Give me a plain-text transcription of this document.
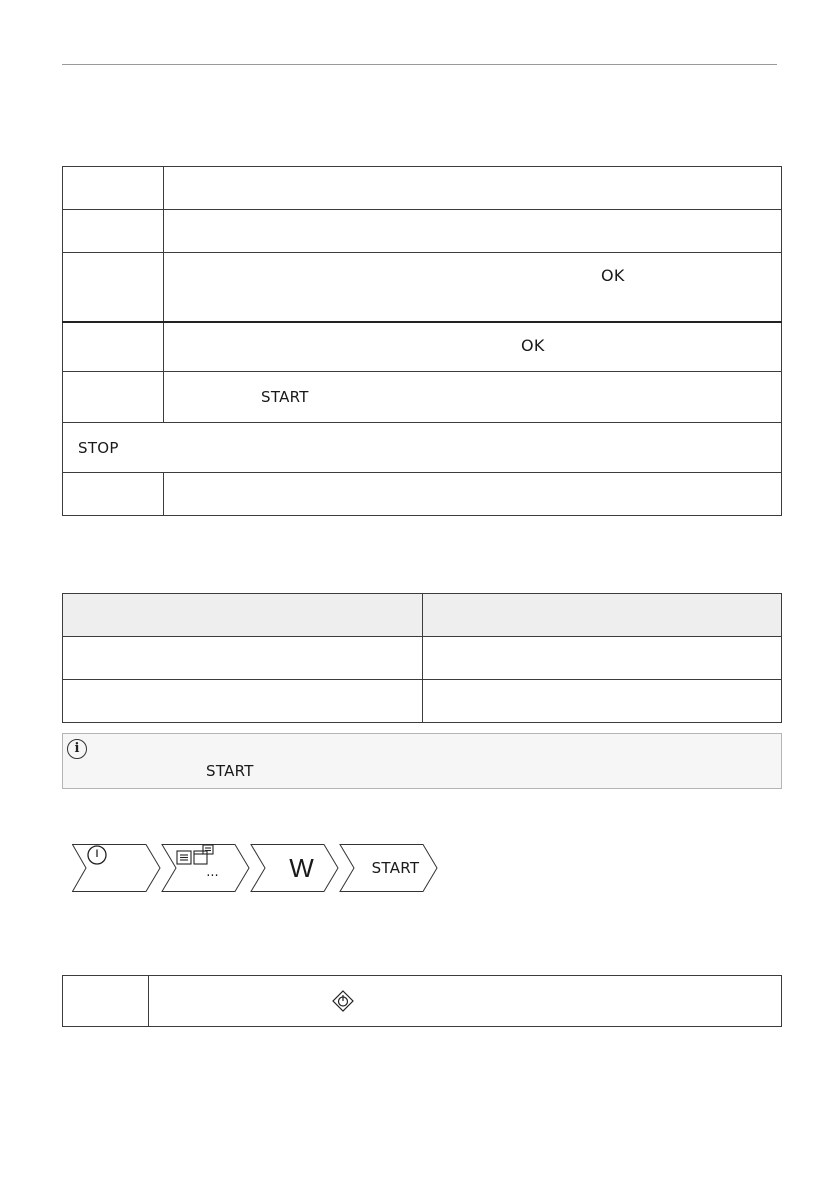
	OK

	OK

	START

STOP	

i
START
...	W	START
